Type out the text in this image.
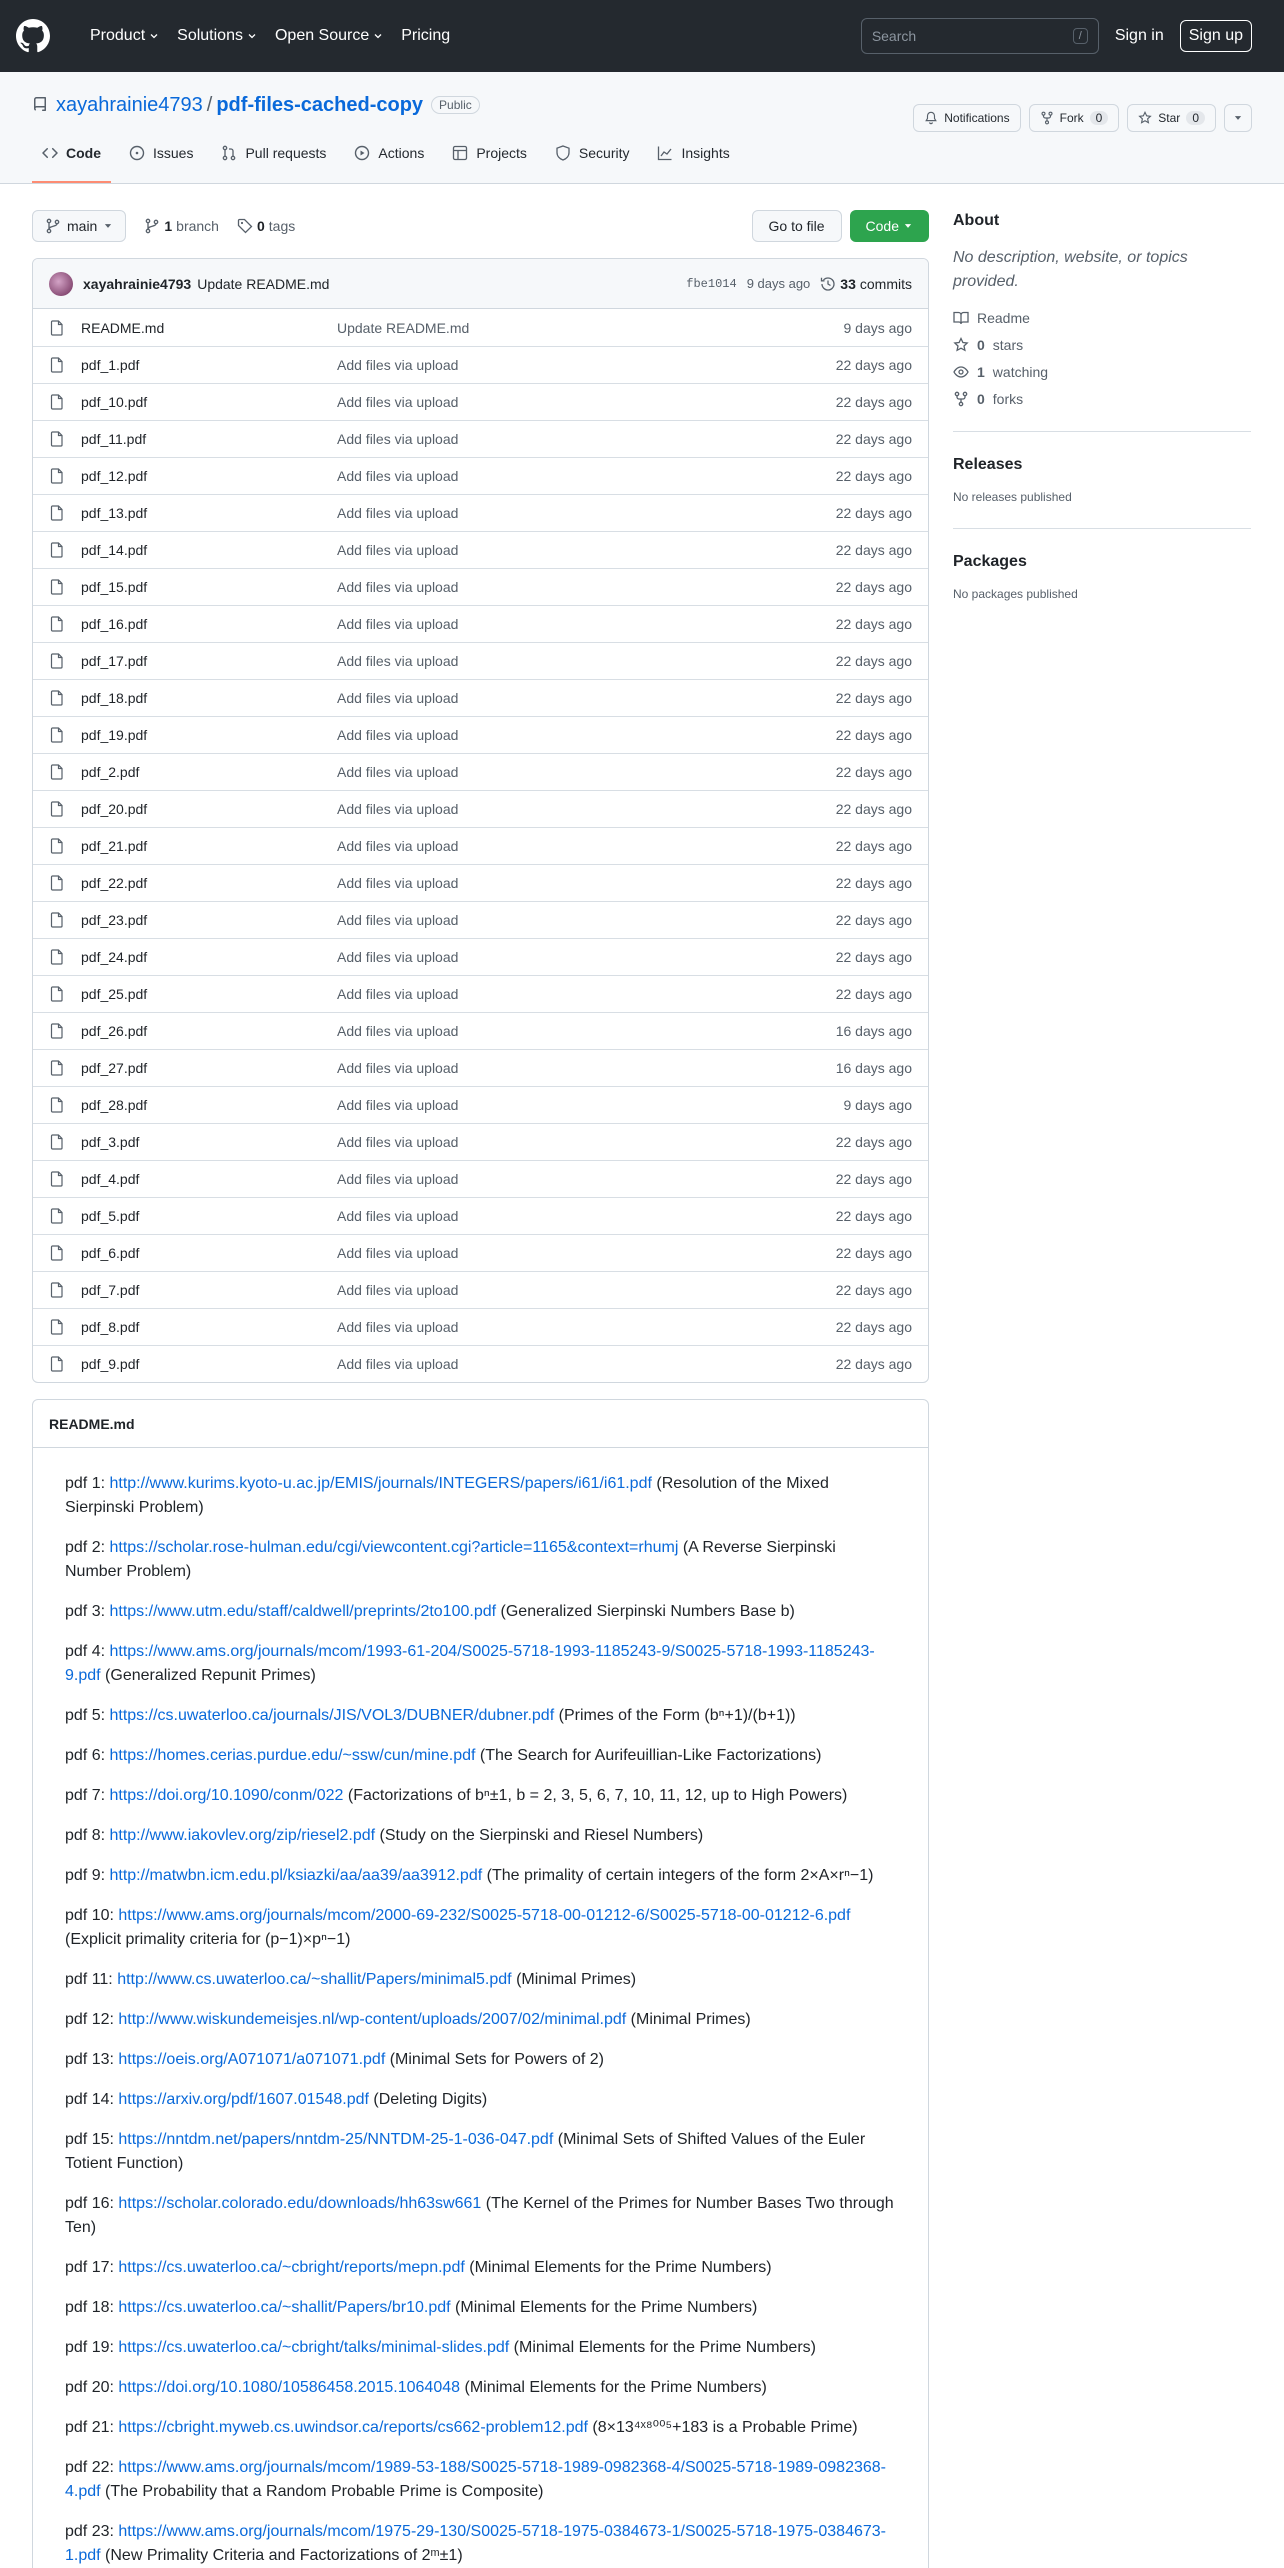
Product Solutions Open Source Pricing	Search	/	Sign in	Sign up
xayahrainie4793 / pdf-files-cached-copy	Public
Notifications	Fork	0	Star	0
Code	Issues	Pull requests	Actions	Projects	Security	Insights
main	1 branch	0 tags	Go to file	Code
xayahrainie4793 Update README.md	fbe1014 9 days ago 33 commits
README.md	Update README.md	9 days ago
pdf_1.pdf	Add files via upload	22 days ago
pdf_10.pdf	Add files via upload	22 days ago
pdf_11.pdf	Add files via upload	22 days ago
pdf_12.pdf	Add files via upload	22 days ago
pdf_13.pdf	Add files via upload	22 days ago
pdf_14.pdf	Add files via upload	22 days ago
pdf_15.pdf	Add files via upload	22 days ago
pdf_16.pdf	Add files via upload	22 days ago
pdf_17.pdf	Add files via upload	22 days ago
pdf_18.pdf	Add files via upload	22 days ago
pdf_19.pdf	Add files via upload	22 days ago
pdf_2.pdf	Add files via upload	22 days ago
pdf_20.pdf	Add files via upload	22 days ago
pdf_21.pdf	Add files via upload	22 days ago
pdf_22.pdf	Add files via upload	22 days ago
pdf_23.pdf	Add files via upload	22 days ago
pdf_24.pdf	Add files via upload	22 days ago
pdf_25.pdf	Add files via upload	22 days ago
pdf_26.pdf	Add files via upload	16 days ago
pdf_27.pdf	Add files via upload	16 days ago
pdf_28.pdf	Add files via upload	9 days ago
pdf_3.pdf	Add files via upload	22 days ago
pdf_4.pdf	Add files via upload	22 days ago
pdf_5.pdf	Add files via upload	22 days ago
pdf_6.pdf	Add files via upload	22 days ago
pdf_7.pdf	Add files via upload	22 days ago
pdf_8.pdf	Add files via upload	22 days ago
pdf_9.pdf	Add files via upload	22 days ago
README.md

pdf 1: http://www.kurims.kyoto-u.ac.jp/EMIS/journals/INTEGERS/papers/i61/i61.pdf (Resolution of the Mixed Sierpinski Problem)

pdf 2: https://scholar.rose-hulman.edu/cgi/viewcontent.cgi?article=1165&context=rhumj (A Reverse Sierpinski Number Problem)

pdf 3: https://www.utm.edu/staff/caldwell/preprints/2to100.pdf (Generalized Sierpinski Numbers Base b)

pdf 4: https://www.ams.org/journals/mcom/1993-61-204/S0025-5718-1993-1185243-9/S0025-5718-1993-1185243-9.pdf (Generalized Repunit Primes)

pdf 5: https://cs.uwaterloo.ca/journals/JIS/VOL3/DUBNER/dubner.pdf (Primes of the Form (bⁿ+1)/(b+1))

pdf 6: https://homes.cerias.purdue.edu/~ssw/cun/mine.pdf (The Search for Aurifeuillian-Like Factorizations)

pdf 7: https://doi.org/10.1090/conm/022 (Factorizations of bⁿ±1, b = 2, 3, 5, 6, 7, 10, 11, 12, up to High Powers)

pdf 8: http://www.iakovlev.org/zip/riesel2.pdf (Study on the Sierpinski and Riesel Numbers)

pdf 9: http://matwbn.icm.edu.pl/ksiazki/aa/aa39/aa3912.pdf (The primality of certain integers of the form 2×A×rⁿ−1)

pdf 10: https://www.ams.org/journals/mcom/2000-69-232/S0025-5718-00-01212-6/S0025-5718-00-01212-6.pdf (Explicit primality criteria for (p−1)×pⁿ−1)

pdf 11: http://www.cs.uwaterloo.ca/~shallit/Papers/minimal5.pdf (Minimal Primes)

pdf 12: http://www.wiskundemeisjes.nl/wp-content/uploads/2007/02/minimal.pdf (Minimal Primes)

pdf 13: https://oeis.org/A071071/a071071.pdf (Minimal Sets for Powers of 2)

pdf 14: https://arxiv.org/pdf/1607.01548.pdf (Deleting Digits)

pdf 15: https://nntdm.net/papers/nntdm-25/NNTDM-25-1-036-047.pdf (Minimal Sets of Shifted Values of the Euler Totient Function)

pdf 16: https://scholar.colorado.edu/downloads/hh63sw661 (The Kernel of the Primes for Number Bases Two through Ten)

pdf 17: https://cs.uwaterloo.ca/~cbright/reports/mepn.pdf (Minimal Elements for the Prime Numbers)

pdf 18: https://cs.uwaterloo.ca/~shallit/Papers/br10.pdf (Minimal Elements for the Prime Numbers)

pdf 19: https://cs.uwaterloo.ca/~cbright/talks/minimal-slides.pdf (Minimal Elements for the Prime Numbers)

pdf 20: https://doi.org/10.1080/10586458.2015.1064048 (Minimal Elements for the Prime Numbers)

pdf 21: https://cbright.myweb.cs.uwindsor.ca/reports/cs662-problem12.pdf (8×13⁴ˣ⁸⁰⁰⁵+183 is a Probable Prime)

pdf 22: https://www.ams.org/journals/mcom/1989-53-188/S0025-5718-1989-0982368-4/S0025-5718-1989-0982368-4.pdf (The Probability that a Random Probable Prime is Composite)

pdf 23: https://www.ams.org/journals/mcom/1975-29-130/S0025-5718-1975-0384673-1/S0025-5718-1975-0384673-1.pdf (New Primality Criteria and Factorizations of 2ᵐ±1)

About
No description, website, or topics provided.
Readme
0 stars
1 watching
0 forks
Releases
No releases published
Packages
No packages published
